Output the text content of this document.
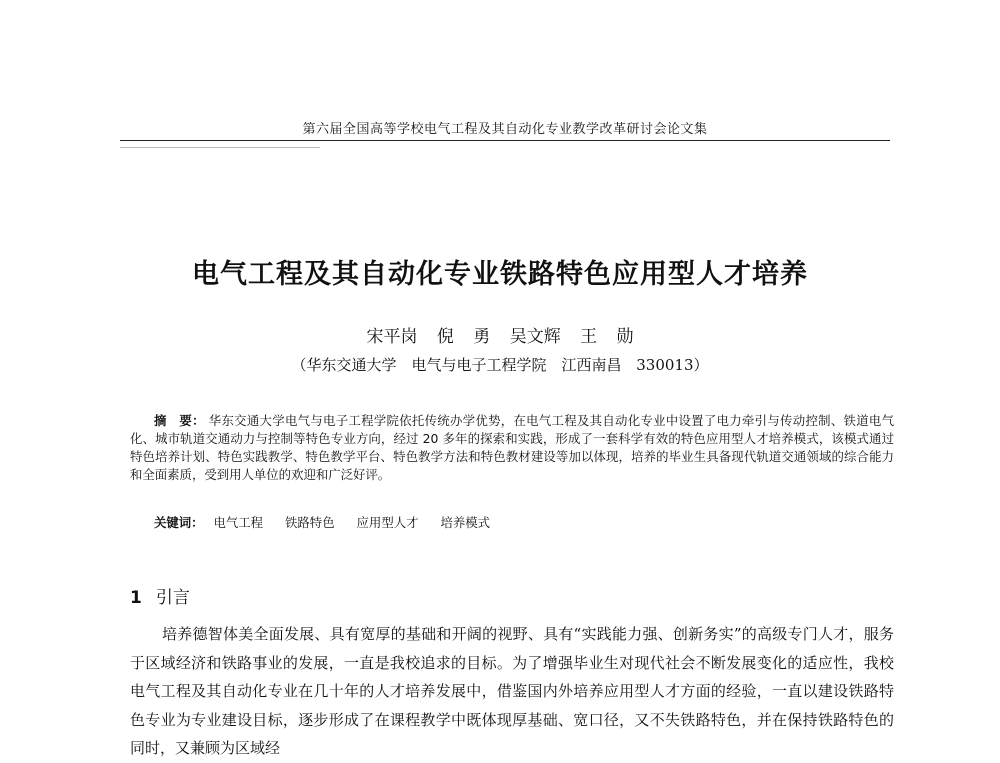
第六届全国高等学校电气工程及其自动化专业教学改革研讨会论文集
电气工程及其自动化专业铁路特色应用型人才培养
宋平岗 倪 勇 吴文辉 王 勋
（华东交通大学　电气与电子工程学院　江西南昌 330013）

摘　要： 华东交通大学电气与电子工程学院依托传统办学优势，在电气工程及其自动化专业中设置了电力牵引与传动控制、铁道电气化、城市轨道交通动力与控制等特色专业方向，经过 20 多年的探索和实践，形成了一套科学有效的特色应用型人才培养模式，该模式通过特色培养计划、特色实践教学、特色教学平台、特色教学方法和特色教材建设等加以体现，培养的毕业生具备现代轨道交通领域的综合能力和全面素质，受到用人单位的欢迎和广泛好评。

关键词： 电气工程 铁路特色 应用型人才 培养模式
1 引言

培养德智体美全面发展、具有宽厚的基础和开阔的视野、具有“实践能力强、创新务实”的高级专门人才，服务于区域经济和铁路事业的发展，一直是我校追求的目标。为了增强毕业生对现代社会不断发展变化的适应性，我校电气工程及其自动化专业在几十年的人才培养发展中，借鉴国内外培养应用型人才方面的经验，一直以建设铁路特色专业为专业建设目标，逐步形成了在课程教学中既体现厚基础、宽口径，又不失铁路特色，并在保持铁路特色的同时，又兼顾为区域经
